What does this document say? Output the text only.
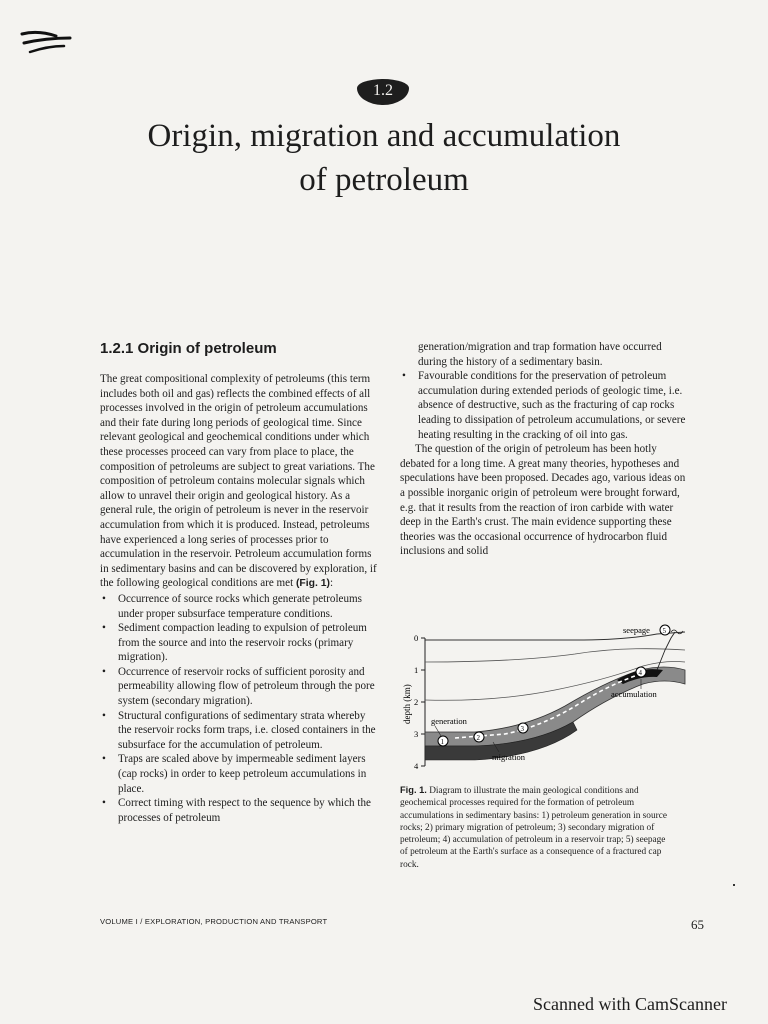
1.2
Origin, migration and accumulation
of petroleum
1.2.1 Origin of petroleum

The great compositional complexity of petroleums (this term includes both oil and gas) reflects the combined effects of all processes involved in the origin of petroleum accumulations and their fate during long periods of geological time. Since relevant geological and geochemical conditions under which these processes proceed can vary from place to place, the composition of petroleums are subject to great variations. The composition of petroleum contains molecular signals which allow to unravel their origin and geological history. As a general rule, the origin of petroleum is never in the reservoir accumulation from which it is produced. Instead, petroleums have experienced a long series of processes prior to accumulation in the reservoir. Petroleum accumulation forms in sedimentary basins and can be discovered by exploration, if the following geological conditions are met (Fig. 1):

• Occurrence of source rocks which generate petroleums under proper subsurface temperature conditions.
• Sediment compaction leading to expulsion of petroleum from the source and into the reservoir rocks (primary migration).
• Occurrence of reservoir rocks of sufficient porosity and permeability allowing flow of petroleum through the pore system (secondary migration).
• Structural configurations of sedimentary strata whereby the reservoir rocks form traps, i.e. closed containers in the subsurface for the accumulation of petroleum.
• Traps are scaled above by impermeable sediment layers (cap rocks) in order to keep petroleum accumulations in place.
• Correct timing with respect to the sequence by which the processes of petroleum

generation/migration and trap formation have occurred during the history of a sedimentary basin.

• Favourable conditions for the preservation of petroleum accumulation during extended periods of geologic time, i.e. absence of destructive, such as the fracturing of cap rocks leading to dissipation of petroleum accumulations, or severe heating resulting in the cracking of oil into gas.

The question of the origin of petroleum has been hotly debated for a long time. A great many theories, hypotheses and speculations have been proposed. Decades ago, various ideas on a possible inorganic origin of petroleum were brought forward, e.g. that it results from the reaction of iron carbide with water deep in the Earth's crust. The main evidence supporting these theories was the occasional occurrence of hydrocarbon fluid inclusions and solid

depth (km)
0
1
2
3
4
1	2
3
4
5
seepage
accumulation
generation
migration
Fig. 1. Diagram to illustrate the main geological conditions and geochemical processes required for the formation of petroleum accumulations in sedimentary basins: 1) petroleum generation in source rocks; 2) primary migration of petroleum; 3) secondary migration of petroleum; 4) accumulation of petroleum in a reservoir trap; 5) seepage of petroleum at the Earth's surface as a consequence of a fractured cap rock.
VOLUME I / EXPLORATION, PRODUCTION AND TRANSPORT	65
Scanned with CamScanner
